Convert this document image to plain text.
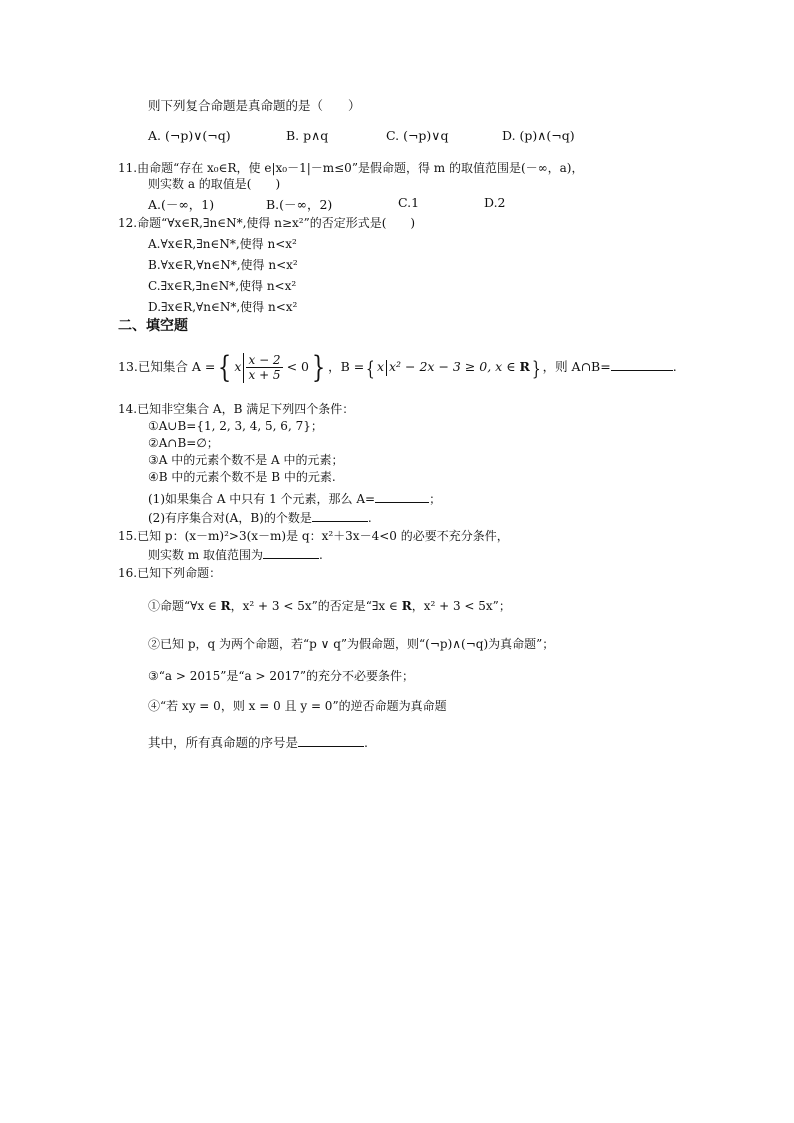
则下列复合命题是真命题的是（　　）
A. (¬p)∨(¬q)	B. p∧q	C. (¬p)∨q	D. (p)∧(¬q)
11.由命题“存在 x₀∈R，使 e|x₀－1|－m≤0”是假命题，得 m 的取值范围是(－∞，a)，
则实数 a 的取值是(　　)
A.(－∞，1)	B.(－∞，2)	C.1	D.2
12.命题“∀x∈R,∃n∈N*,使得 n≥x²”的否定形式是(　　)
A.∀x∈R,∃n∈N*,使得 n<x²
B.∀x∈R,∀n∈N*,使得 n<x²
C.∃x∈R,∃n∈N*,使得 n<x²
D.∃x∈R,∀n∈N*,使得 n<x²
二、填空题
13.已知集合 A ={ x $\frac{x - 2}{x + 5} < 0$} ，B ={ x x² − 2x − 3 ≥ 0, x ∈ R} ，则 A∩B=	.
14.已知非空集合 A，B 满足下列四个条件：
①A∪B={1, 2, 3, 4, 5, 6, 7}；
②A∩B=∅；
③A 中的元素个数不是 A 中的元素；
④B 中的元素个数不是 B 中的元素.
(1)如果集合 A 中只有 1 个元素，那么 A=	；
(2)有序集合对(A，B)的个数是	.
15.已知 p：(x－m)²>3(x－m)是 q：x²＋3x－4<0 的必要不充分条件，
则实数 m 取值范围为	.
16.已知下列命题：
①命题“∀x ∈ R，x² + 3 < 5x”的否定是“∃x ∈ R，x² + 3 < 5x”；
②已知 p，q 为两个命题，若“p ∨ q”为假命题，则“(¬p)∧(¬q)为真命题”；
③“a > 2015”是“a > 2017”的充分不必要条件；
④“若 xy = 0，则 x = 0 且 y = 0”的逆否命题为真命题
其中，所有真命题的序号是	.
